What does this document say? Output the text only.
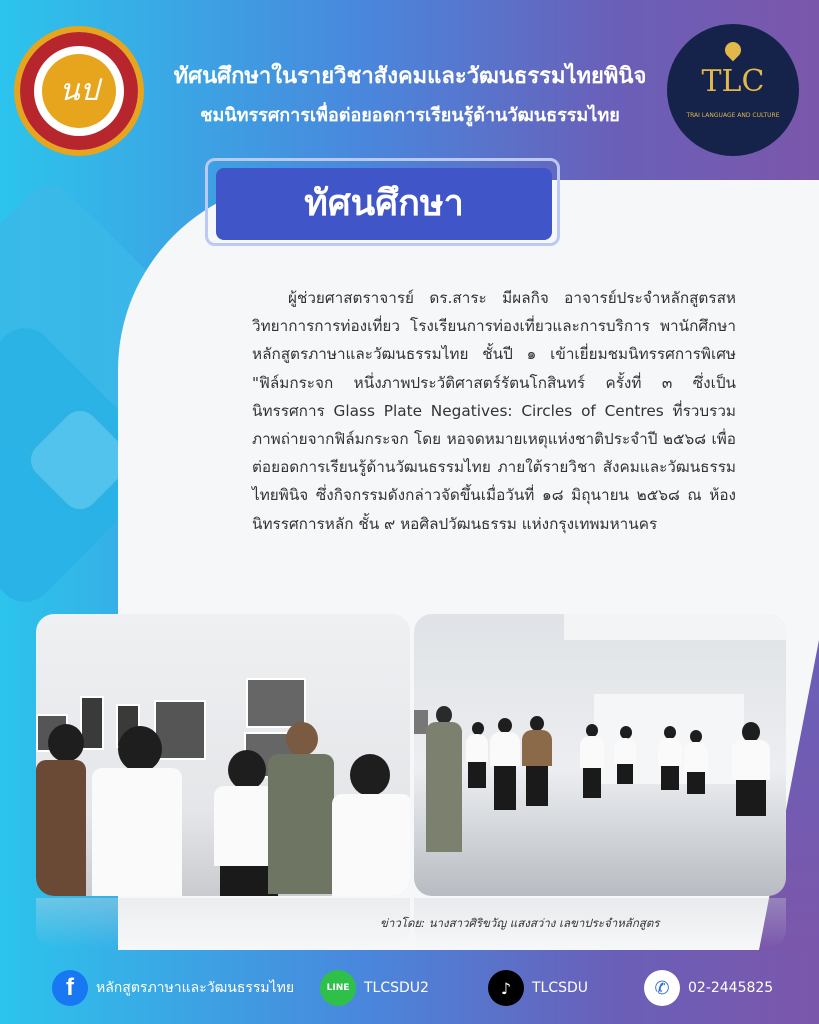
นป	ทัศนศึกษาในรายวิชาสังคมและวัฒนธรรมไทยพินิจ
ชมนิทรรศการเพื่อต่อยอดการเรียนรู้ด้านวัฒนธรรมไทย
TLC
TRAI LANGUAGE AND CULTURE
ทัศนศึกษา

ผู้ช่วยศาสตราจารย์ ดร.สาระ มีผลกิจ อาจารย์ประจำหลักสูตรสหวิทยาการการท่องเที่ยว โรงเรียนการท่องเที่ยวและการบริการ พานักศึกษาหลักสูตรภาษาและวัฒนธรรมไทย ชั้นปี ๑ เข้าเยี่ยมชมนิทรรศการพิเศษ "ฟิล์มกระจก หนึ่งภาพประวัติศาสตร์รัตนโกสินทร์ ครั้งที่ ๓ ซึ่งเป็นนิทรรศการ Glass Plate Negatives: Circles of Centres ที่รวบรวมภาพถ่ายจากฟิล์มกระจก โดย หอจดหมายเหตุแห่งชาติประจำปี ๒๕๖๘ เพื่อต่อยอดการเรียนรู้ด้านวัฒนธรรมไทย ภายใต้รายวิชา สังคมและวัฒนธรรมไทยพินิจ ซึ่งกิจกรรมดังกล่าวจัดขึ้นเมื่อวันที่ ๑๘ มิถุนายน ๒๕๖๘ ณ ห้องนิทรรศการหลัก ชั้น ๙ หอศิลปวัฒนธรรม แห่งกรุงเทพมหานคร

ข่าวโดย: นางสาวศิริขวัญ แสงสว่าง เลขาประจำหลักสูตร
f	หลักสูตรภาษาและวัฒนธรรมไทย	LINE	TLCSDU2	♪	TLCSDU	✆	02-2445825
